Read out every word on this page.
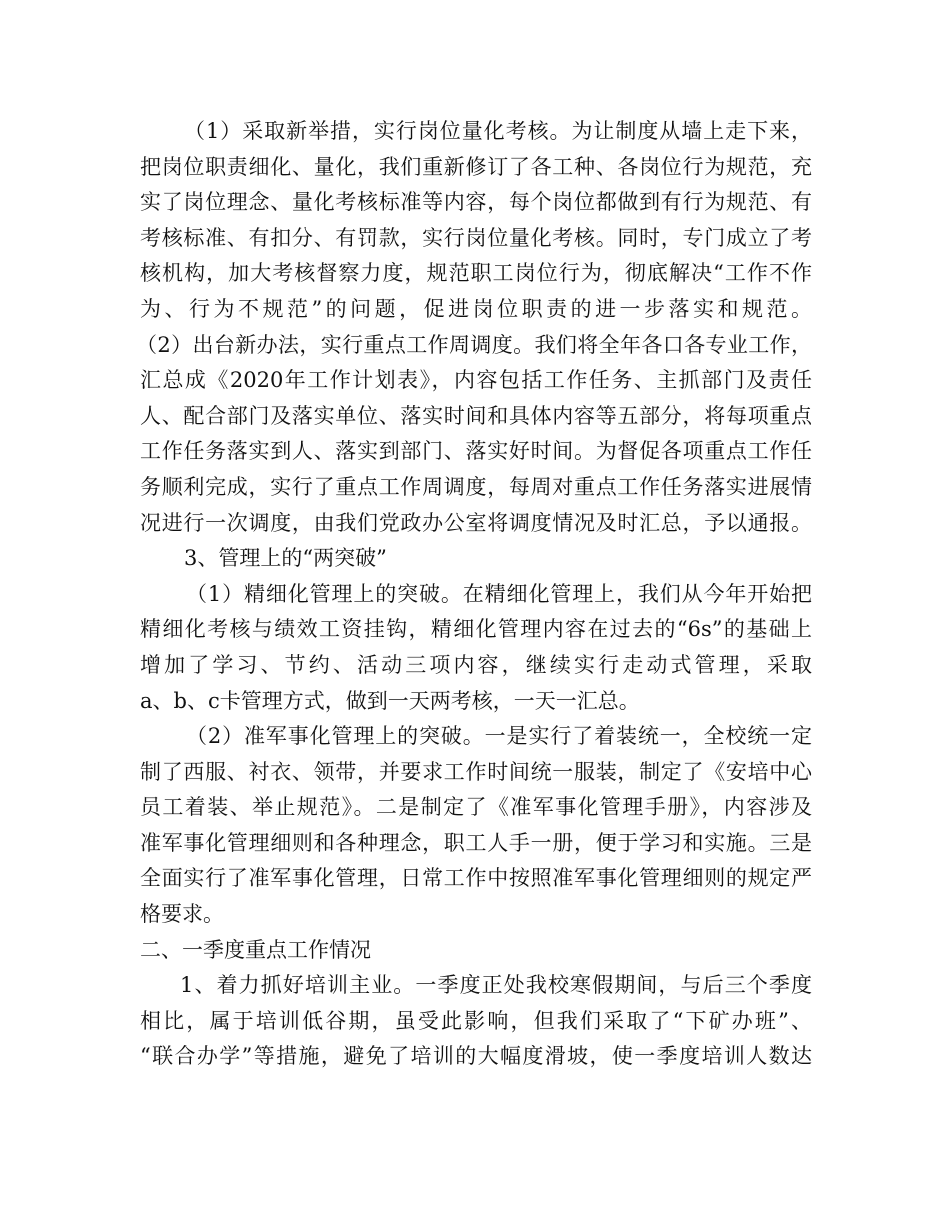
（1）采取新举措，实行岗位量化考核。为让制度从墙上走下来，
把岗位职责细化、量化，我们重新修订了各工种、各岗位行为规范，充
实了岗位理念、量化考核标准等内容，每个岗位都做到有行为规范、有
考核标准、有扣分、有罚款，实行岗位量化考核。同时，专门成立了考
核机构，加大考核督察力度，规范职工岗位行为，彻底解决“工作不作
为、行为不规范”的问题，促进岗位职责的进一步落实和规范。
（2）出台新办法，实行重点工作周调度。我们将全年各口各专业工作，
汇总成《2020年工作计划表》，内容包括工作任务、主抓部门及责任
人、配合部门及落实单位、落实时间和具体内容等五部分，将每项重点
工作任务落实到人、落实到部门、落实好时间。为督促各项重点工作任
务顺利完成，实行了重点工作周调度，每周对重点工作任务落实进展情
况进行一次调度，由我们党政办公室将调度情况及时汇总，予以通报。
3、管理上的“两突破”
（1）精细化管理上的突破。在精细化管理上，我们从今年开始把
精细化考核与绩效工资挂钩，精细化管理内容在过去的“6s”的基础上
增加了学习、节约、活动三项内容，继续实行走动式管理，采取
a、b、c卡管理方式，做到一天两考核，一天一汇总。
（2）准军事化管理上的突破。一是实行了着装统一，全校统一定
制了西服、衬衣、领带，并要求工作时间统一服装，制定了《安培中心
员工着装、举止规范》。二是制定了《准军事化管理手册》，内容涉及
准军事化管理细则和各种理念，职工人手一册，便于学习和实施。三是
全面实行了准军事化管理，日常工作中按照准军事化管理细则的规定严
格要求。
二、一季度重点工作情况
1、着力抓好培训主业。一季度正处我校寒假期间，与后三个季度
相比，属于培训低谷期，虽受此影响，但我们采取了“下矿办班”、
“联合办学”等措施，避免了培训的大幅度滑坡，使一季度培训人数达
